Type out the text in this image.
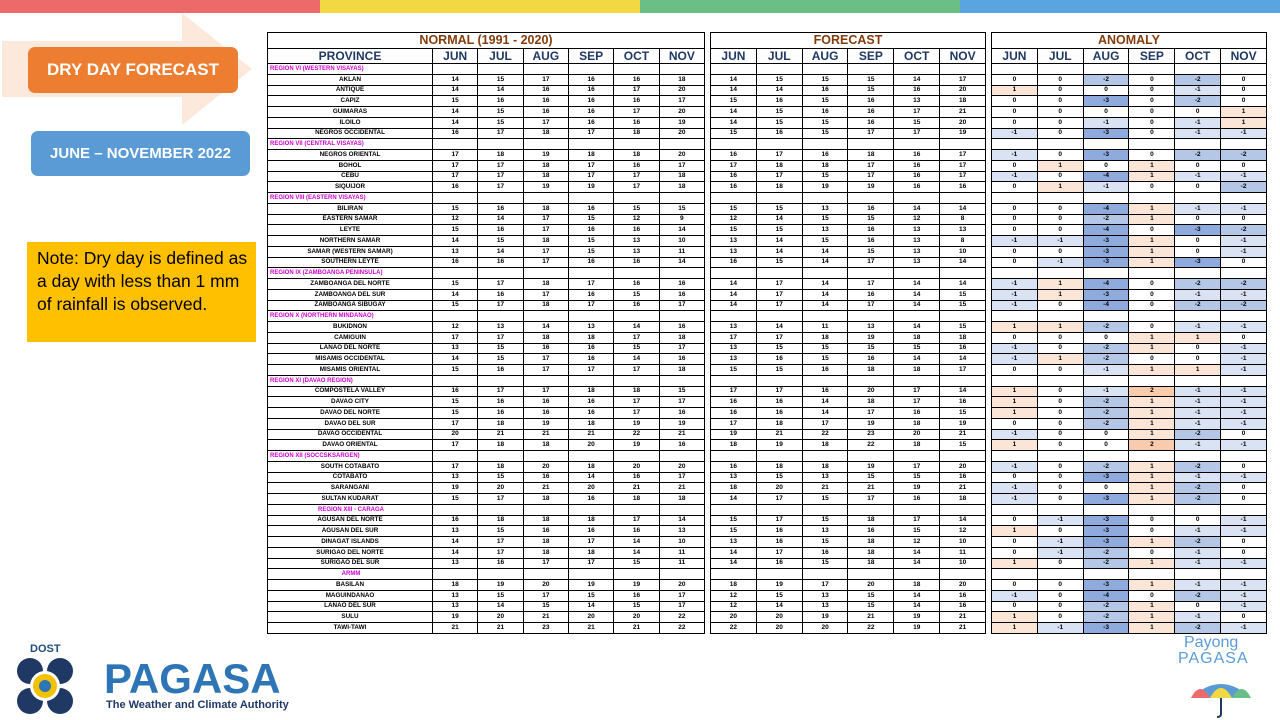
DRY DAY FORECAST
JUNE – NOVEMBER 2022
Note: Dry day is defined as a day with less than 1 mm of rainfall is observed.
NORMAL (1991 - 2020)						
PROVINCE	JUN	JUL	AUG	SEP	OCT	NOV
REGION VI (WESTERN VISAYAS)						
AKLAN	14	15	17	16	16	18
ANTIQUE	14	14	16	16	17	20
CAPIZ	15	16	16	16	16	17
GUIMARAS	14	15	16	16	17	20
ILOILO	14	15	17	16	16	19
NEGROS OCCIDENTAL	16	17	18	17	18	20
REGION VII (CENTRAL VISAYAS)						
NEGROS ORIENTAL	17	18	19	18	18	20
BOHOL	17	17	18	17	16	17
CEBU	17	17	18	17	17	18
SIQUIJOR	16	17	19	19	17	18
REGION VIII (EASTERN VISAYAS)						
BILIRAN	15	16	18	16	15	15
EASTERN SAMAR	12	14	17	15	12	9
LEYTE	15	16	17	16	16	14
NORTHERN SAMAR	14	15	18	15	13	10
SAMAR (WESTERN SAMAR)	13	14	17	15	13	11
SOUTHERN LEYTE	16	16	17	16	16	14
REGION IX (ZAMBOANGA PENINSULA)						
ZAMBOANGA DEL NORTE	15	17	18	17	16	16
ZAMBOANGA DEL SUR	14	16	17	16	15	16
ZAMBOANGA SIBUGAY	15	17	18	17	16	17
REGION X (NORTHERN MINDANAO)						
BUKIDNON	12	13	14	13	14	16
CAMIGUIN	17	17	18	18	17	18
LANAO DEL NORTE	13	15	16	16	15	17
MISAMIS OCCIDENTAL	14	15	17	16	14	16
MISAMIS ORIENTAL	15	16	17	17	17	18
REGION XI (DAVAO REGION)						
COMPOSTELA VALLEY	16	17	17	18	18	15
DAVAO CITY	15	16	16	16	17	17
DAVAO DEL NORTE	15	16	16	16	17	16
DAVAO DEL SUR	17	18	19	18	19	19
DAVAO OCCIDENTAL	20	21	21	21	22	21
DAVAO ORIENTAL	17	18	18	20	19	16
REGION XII (SOCCSKSARGEN)						
SOUTH COTABATO	17	18	20	18	20	20
COTABATO	13	15	16	14	16	17
SARANGANI	19	20	21	20	21	21
SULTAN KUDARAT	15	17	18	16	18	18
REGION XIII - CARAGA						
AGUSAN DEL NORTE	16	18	18	18	17	14
AGUSAN DEL SUR	13	15	16	16	16	13
DINAGAT ISLANDS	14	17	18	17	14	10
SURIGAO DEL NORTE	14	17	18	18	14	11
SURIGAO DEL SUR	13	16	17	17	15	11
ARMM						
BASILAN	18	19	20	19	19	20
MAGUINDANAO	13	15	17	15	16	17
LANAO DEL SUR	13	14	15	14	15	17
SULU	19	20	21	20	20	22
TAWI-TAWI	21	21	23	21	21	22
FORECAST					
JUN	JUL	AUG	SEP	OCT	NOV

14	15	15	15	14	17
14	14	16	15	16	20
15	16	15	16	13	18
14	15	16	16	17	21
14	15	15	16	15	20
15	16	15	17	17	19

16	17	16	18	16	17
17	18	18	17	16	17
16	17	15	17	16	17
16	18	19	19	16	16

15	15	13	16	14	14
12	14	15	15	12	8
15	15	13	16	13	13
13	14	15	16	13	8
13	14	14	15	13	10
16	15	14	17	13	14

14	17	14	17	14	14
14	17	14	16	14	15
14	17	14	17	14	15

13	14	11	13	14	15
17	17	18	19	18	18
13	15	15	15	15	16
13	16	15	16	14	14
15	15	16	18	18	17

17	17	16	20	17	14
16	16	14	18	17	16
16	16	14	17	16	15
17	18	17	19	18	19
19	21	22	23	20	21
18	19	18	22	18	15

16	18	18	19	17	20
13	15	13	15	15	16
18	20	21	21	19	21
14	17	15	17	16	18

15	17	15	18	17	14
15	16	13	16	15	12
13	16	15	18	12	10
14	17	16	18	14	11
14	16	15	18	14	10

18	19	17	20	18	20
12	15	13	15	14	16
12	14	13	15	14	16
20	20	19	21	19	21
22	20	20	22	19	21
ANOMALY					
JUN	JUL	AUG	SEP	OCT	NOV

0	0	-2	0	-2	0
1	0	0	0	-1	0
0	0	-3	0	-2	0
0	0	0	0	0	1
0	0	-1	0	-1	1
-1	0	-3	0	-1	-1

-1	0	-3	0	-2	-2
0	1	0	1	0	0
-1	0	-4	1	-1	-1
0	1	-1	0	0	-2

0	0	-4	1	-1	-1
0	0	-2	1	0	0
0	0	-4	0	-3	-2
-1	-1	-3	1	0	-1
0	0	-3	1	0	-1
0	-1	-3	1	-3	0

-1	1	-4	0	-2	-2
-1	1	-3	0	-1	-1
-1	0	-4	0	-2	-2

1	1	-2	0	-1	-1
0	0	0	1	1	0
-1	0	-2	1	0	-1
-1	1	-2	0	0	-1
0	0	-1	1	1	-1

1	0	-1	2	-1	-1
1	0	-2	1	-1	-1
1	0	-2	1	-1	-1
0	0	-2	1	-1	-1
-1	0	0	1	-2	0
1	0	0	2	-1	-1

-1	0	-2	1	-2	0
0	0	-3	1	-1	-1
-1	0	0	1	-2	0
-1	0	-3	1	-2	0

0	-1	-3	0	0	-1
1	0	-3	0	-1	-1
0	-1	-3	1	-2	0
0	-1	-2	0	-1	0
1	0	-2	1	-1	-1

0	0	-3	1	-1	-1
-1	0	-4	0	-2	-1
0	0	-2	1	0	-1
1	0	-2	1	-1	0
1	-1	-3	1	-2	-1
DOST
PAGASA
The Weather and Climate Authority
Payong
PAGASA
